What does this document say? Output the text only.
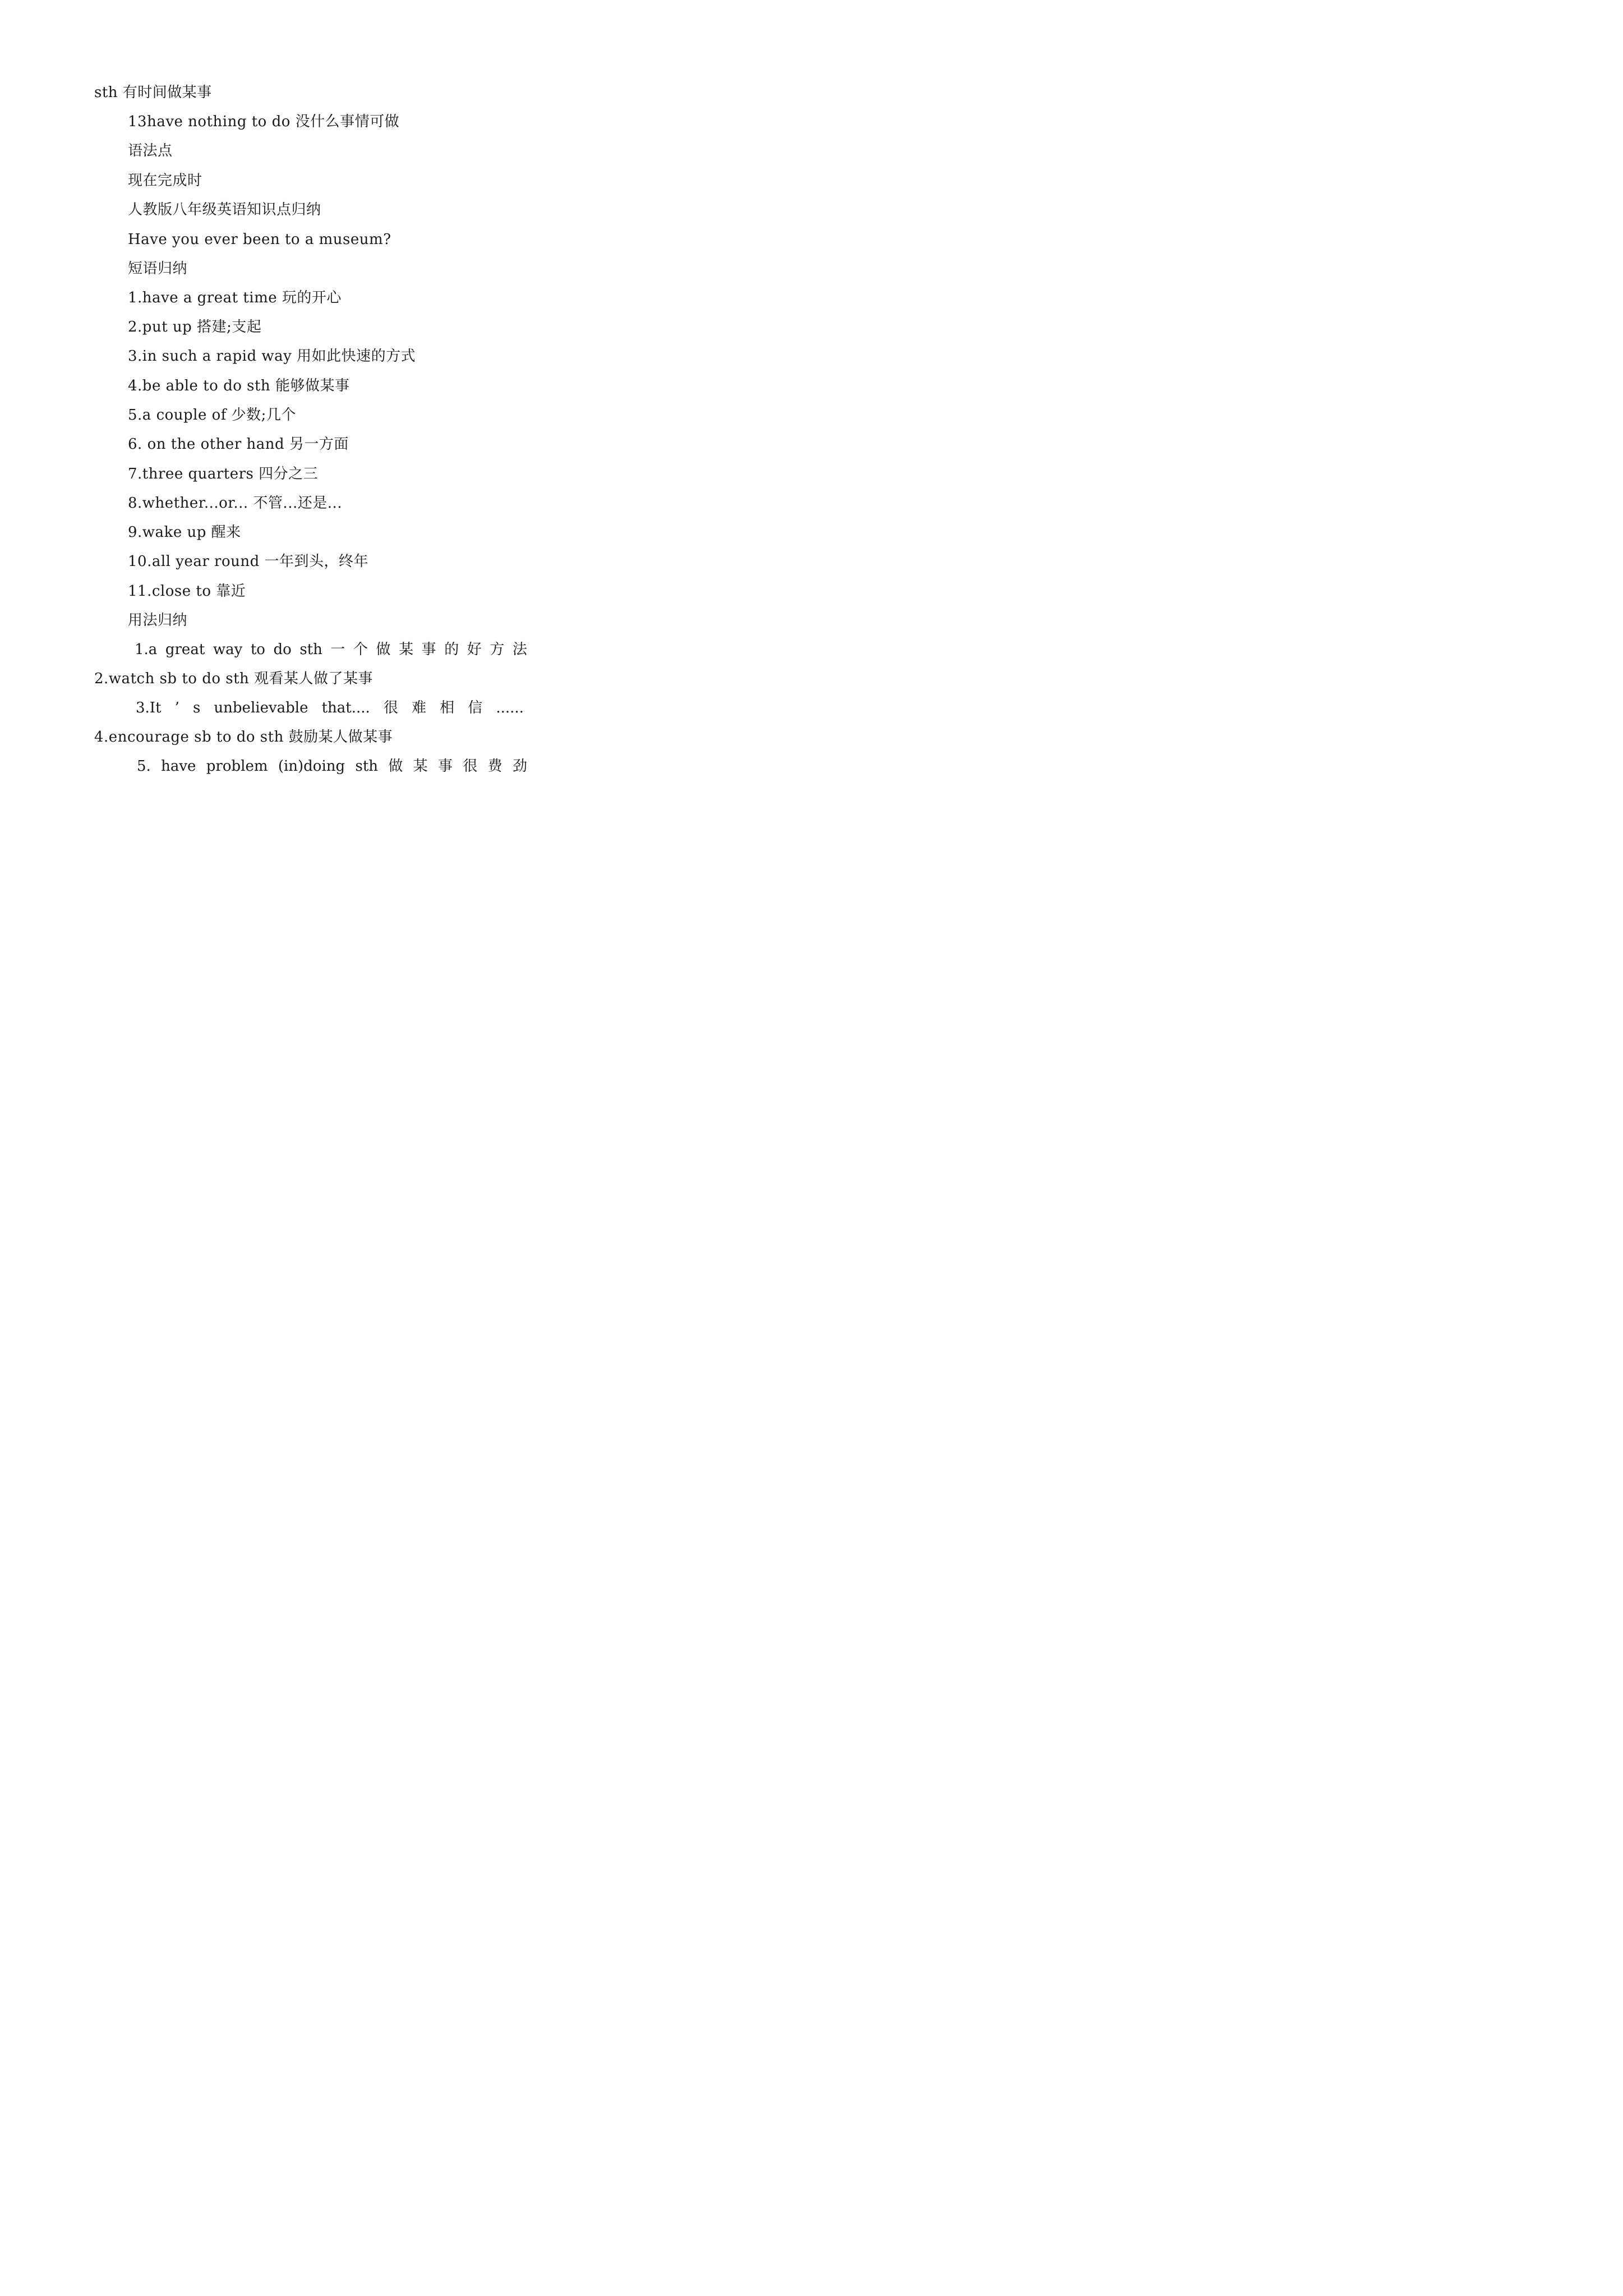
sth 有时间做某事
13have nothing to do 没什么事情可做
语法点
现在完成时
人教版八年级英语知识点归纳
Have you ever been to a museum?
短语归纳
1.have a great time 玩的开心
2.put up 搭建;支起
3.in such a rapid way 用如此快速的方式
4.be able to do sth 能够做某事
5.a couple of 少数;几个
6. on the other hand 另一方面
7.three quarters 四分之三
8.whether...or... 不管...还是...
9.wake up 醒来
10.all year round 一年到头，终年
11.close to 靠近
用法归纳
1.a great way to do sth 一 个 做 某 事 的 好 方 法
2.watch sb to do sth 观看某人做了某事
3.It ’ s unbelievable that.... 很 难 相 信 ......
4.encourage sb to do sth 鼓励某人做某事
5. have problem (in)doing sth 做 某 事 很 费 劲
